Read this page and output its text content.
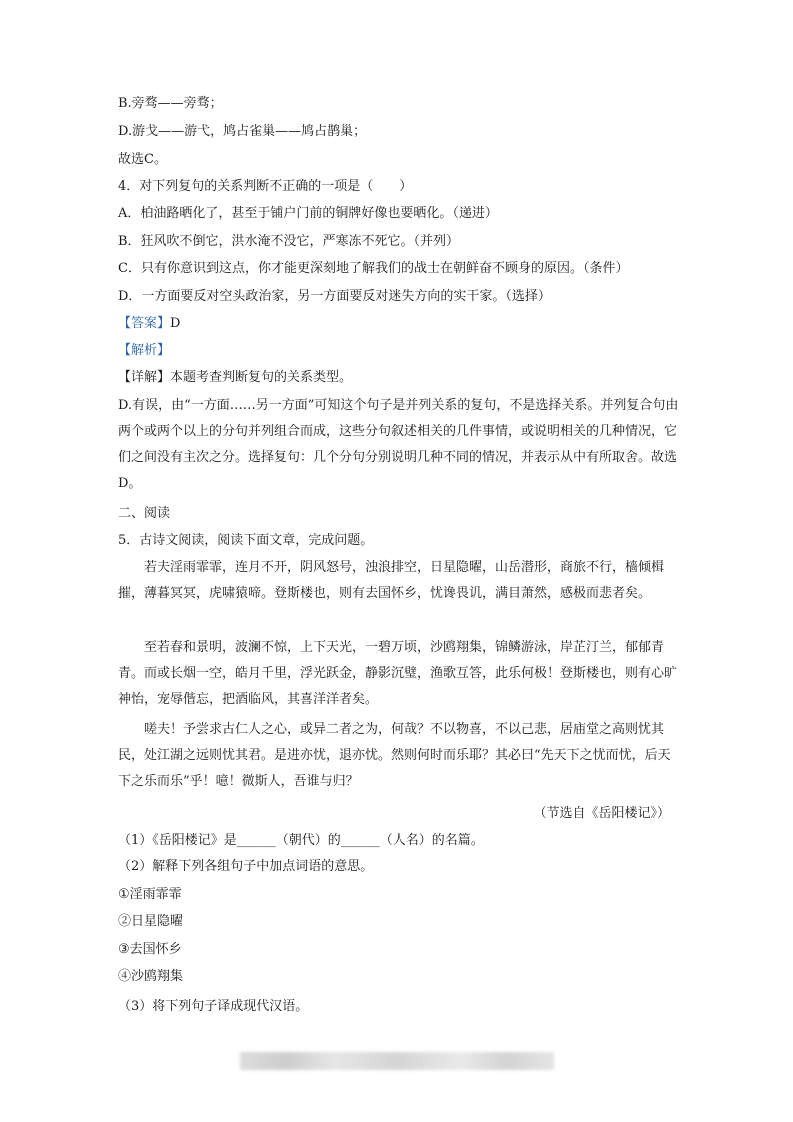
B.旁骛——旁骛；
D.游戈——游弋，鸠占雀巢——鸠占鹊巢；
故选C。
4．对下列复句的关系判断不正确的一项是（　　）
A．柏油路晒化了，甚至于铺户门前的铜牌好像也要晒化。（递进）
B．狂风吹不倒它，洪水淹不没它，严寒冻不死它。（并列）
C．只有你意识到这点，你才能更深刻地了解我们的战士在朝鲜奋不顾身的原因。（条件）
D．一方面要反对空头政治家，另一方面要反对迷失方向的实干家。（选择）
【答案】D
【解析】
【详解】本题考查判断复句的关系类型。
D.有误，由“一方面……另一方面”可知这个句子是并列关系的复句，不是选择关系。并列复合句由两个或两个以上的分句并列组合而成，这些分句叙述相关的几件事情，或说明相关的几种情况，它们之间没有主次之分。选择复句：几个分句分别说明几种不同的情况，并表示从中有所取舍。故选D。
二、阅读
5．古诗文阅读，阅读下面文章，完成问题。
若夫淫雨霏霏，连月不开，阴风怒号，浊浪排空，日星隐曜，山岳潜形，商旅不行，樯倾楫摧，薄暮冥冥，虎啸猿啼。登斯楼也，则有去国怀乡，忧谗畏讥，满目萧然，感极而悲者矣。
至若春和景明，波澜不惊，上下天光，一碧万顷，沙鸥翔集，锦鳞游泳，岸芷汀兰，郁郁青青。而或长烟一空，皓月千里，浮光跃金，静影沉璧，渔歌互答，此乐何极！登斯楼也，则有心旷神怡，宠辱偕忘，把酒临风，其喜洋洋者矣。
嗟夫！予尝求古仁人之心，或异二者之为，何哉？不以物喜，不以己悲，居庙堂之高则忧其民，处江湖之远则忧其君。是进亦忧，退亦忧。然则何时而乐耶？其必曰“先天下之忧而忧，后天下之乐而乐”乎！噫！微斯人，吾谁与归？
（节选自《岳阳楼记》）
（1）《岳阳楼记》是______（朝代）的______（人名）的名篇。
（2）解释下列各组句子中加点词语的意思。
①淫雨霏霏
②日星隐曜
③去国怀乡
④沙鸥翔集
（3）将下列句子译成现代汉语。
